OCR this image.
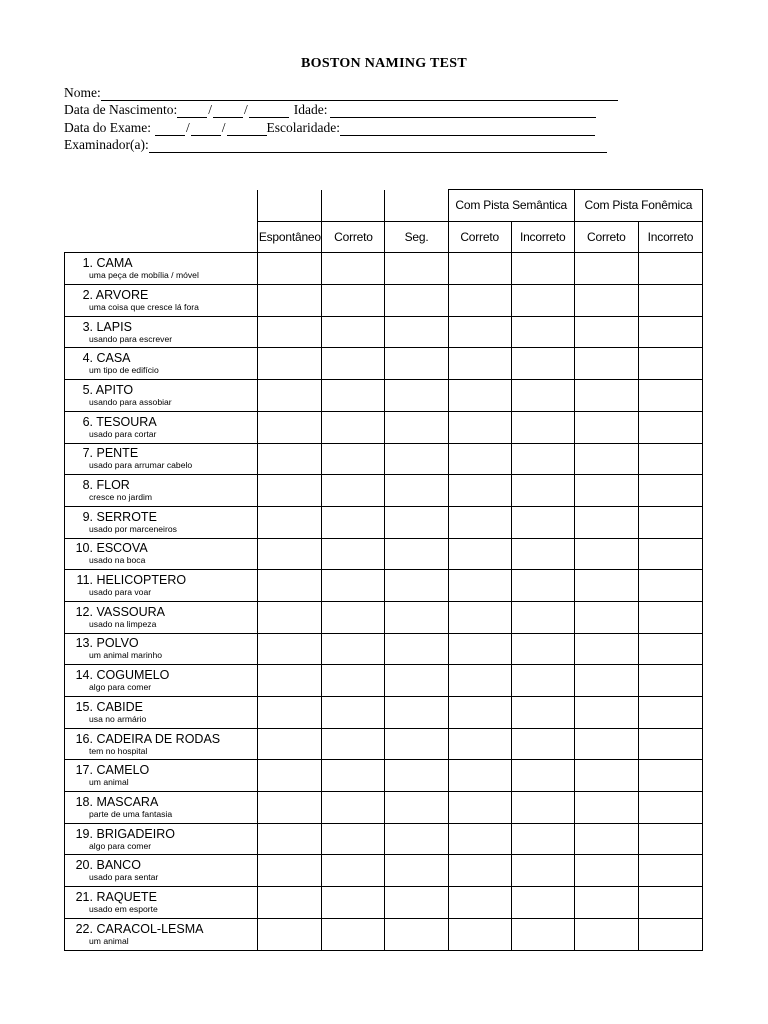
BOSTON NAMING TEST
Nome:
Data de Nascimento: / /	Idade:
Data do Exame:	/ /	Escolaridade:
Examinador(a):
				Com Pista Semântica		Com Pista Fonêmica	
	Espontâneo	Correto	Seg.	Correto	Incorreto	Correto	Incorreto

1. CAMA
uma peça de mobília / móvel							

2. ARVORE
uma coisa que cresce lá fora							

3. LAPIS
usando para escrever							

4. CASA
um tipo de edifício							

5. APITO
usando para assobiar							

6. TESOURA
usado para cortar							

7. PENTE
usado para arrumar cabelo							

8. FLOR
cresce no jardim							

9. SERROTE
usado por marceneiros							

10. ESCOVA
usado na boca							

11. HELICOPTERO
usado para voar							

12. VASSOURA
usado na limpeza							

13. POLVO
um animal marinho							

14. COGUMELO
algo para comer							

15. CABIDE
usa no armário							

16. CADEIRA DE RODAS
tem no hospital							

17. CAMELO
um animal							

18. MASCARA
parte de uma fantasia							

19. BRIGADEIRO
algo para comer							

20. BANCO
usado para sentar							

21. RAQUETE
usado em esporte							

22. CARACOL-LESMA
um animal							
